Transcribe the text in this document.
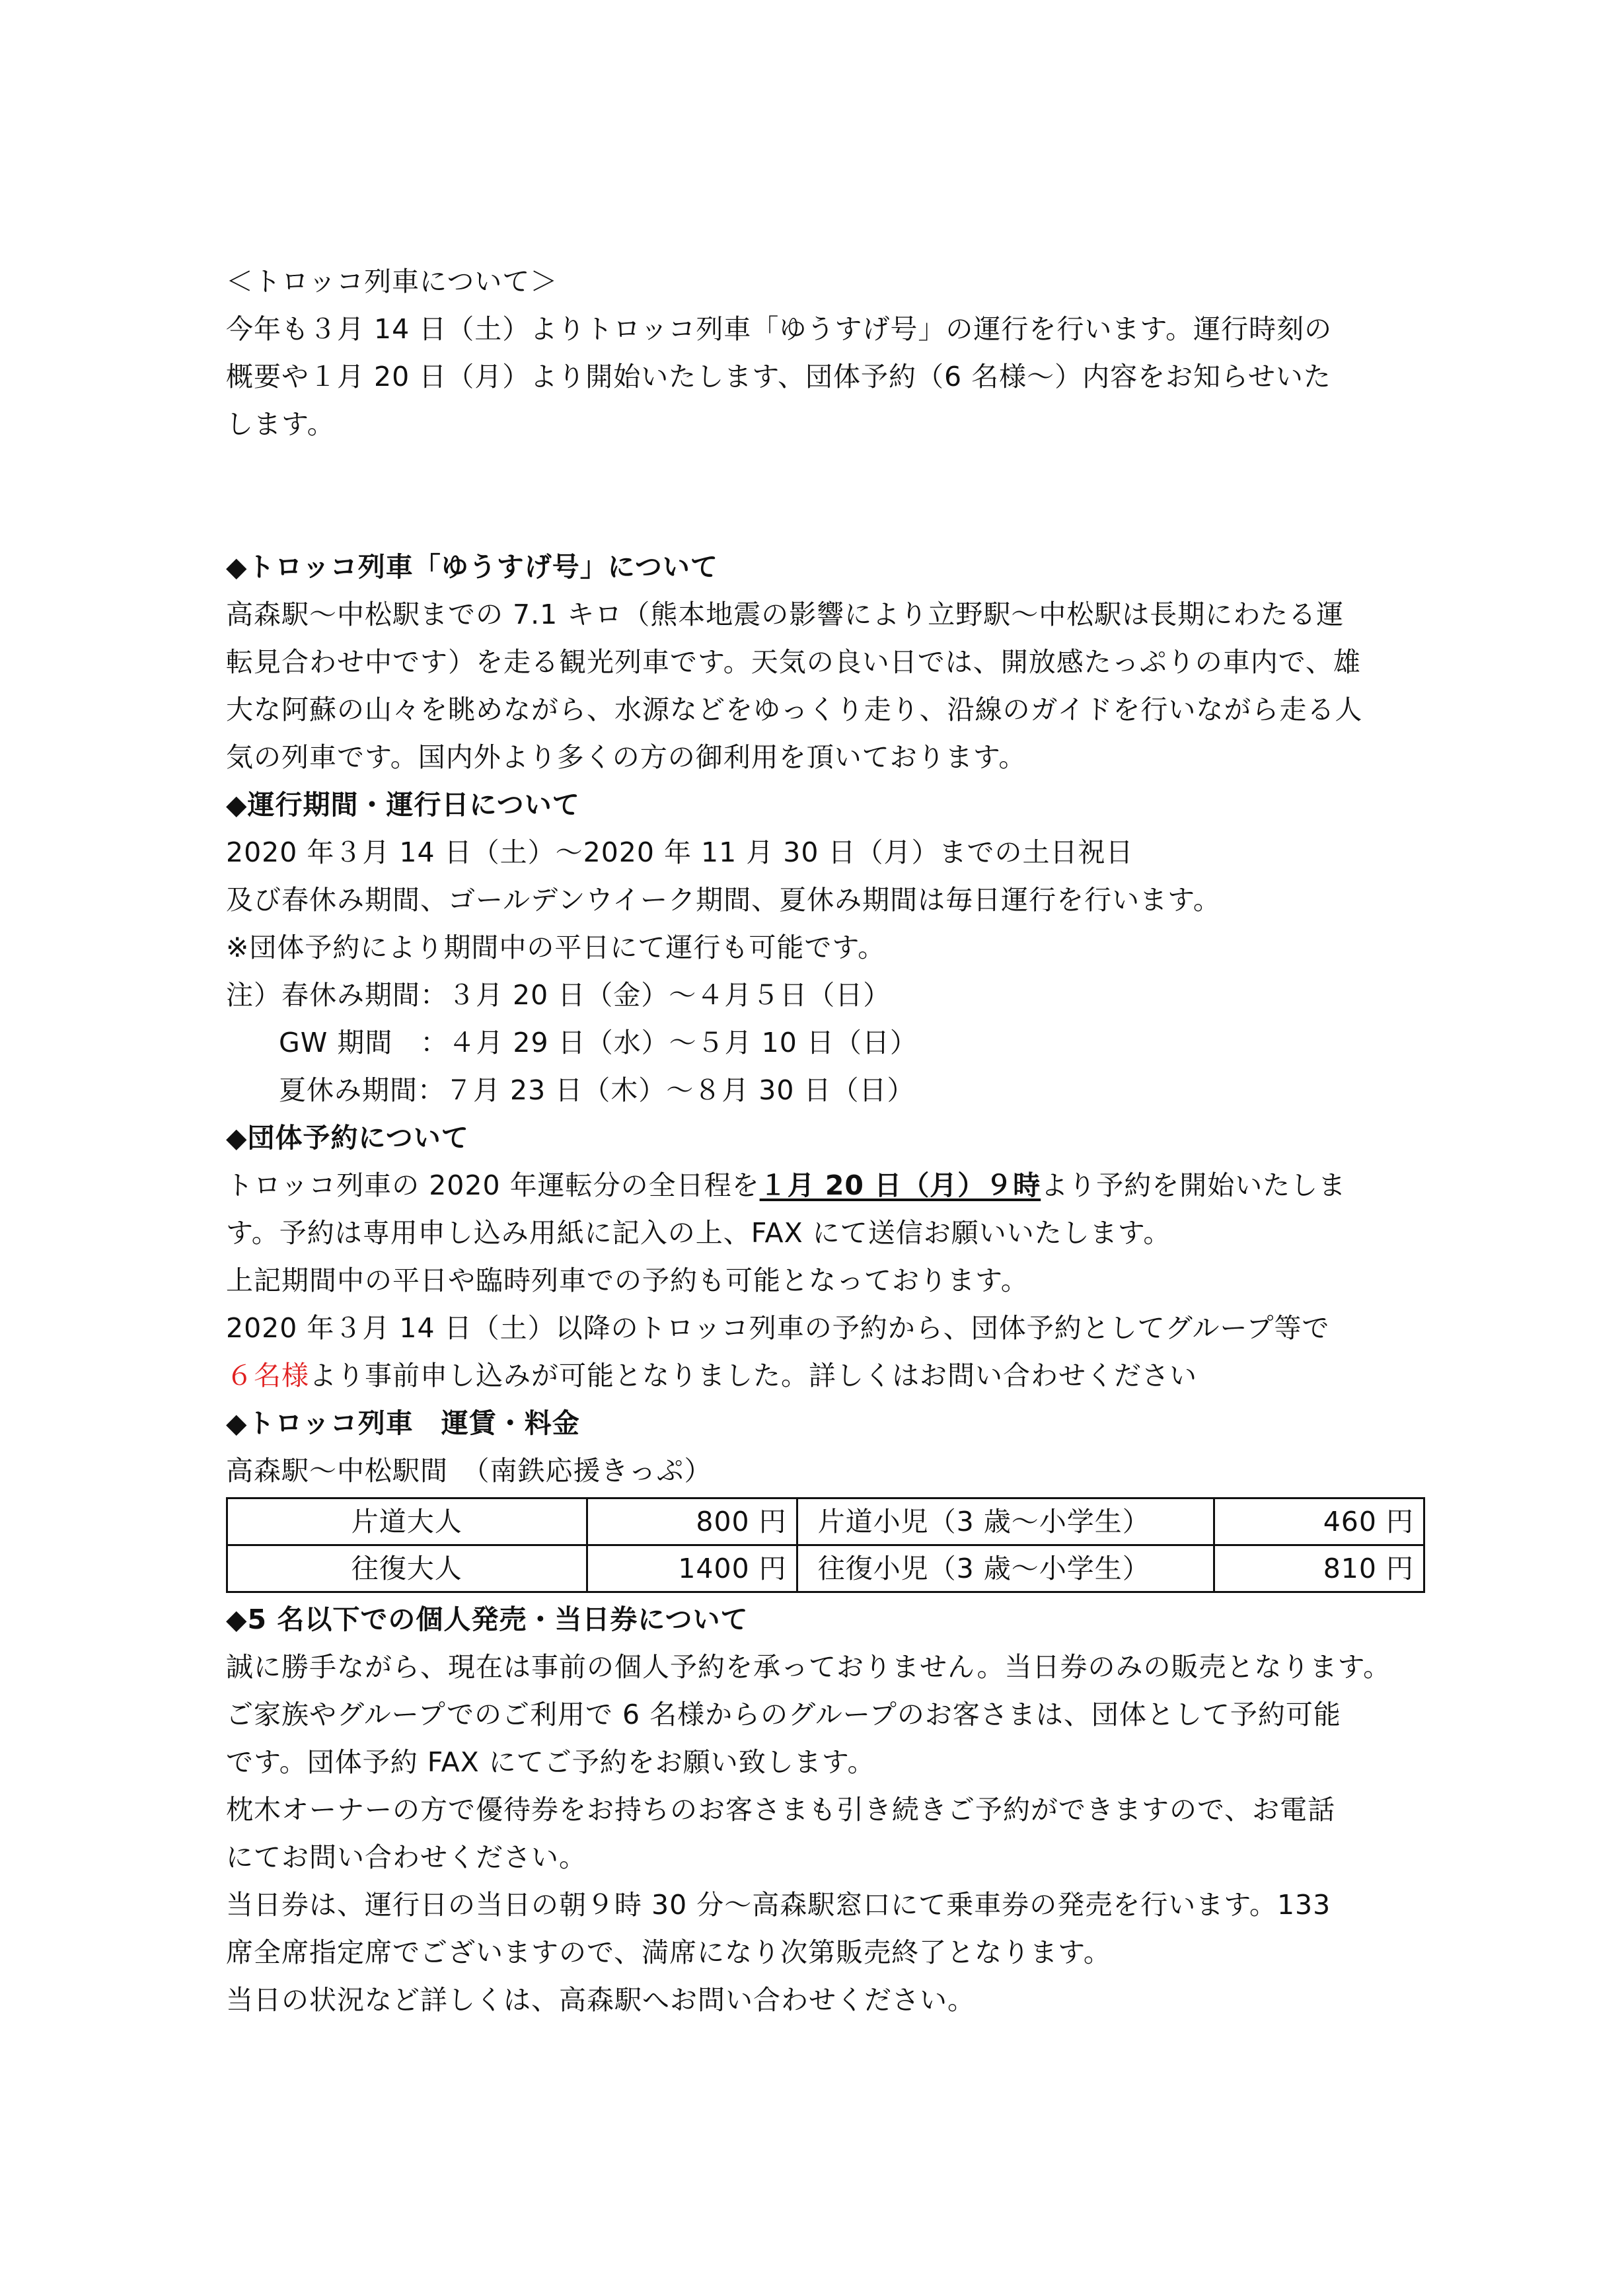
＜トロッコ列車について＞
今年も３月 14 日（土）よりトロッコ列車「ゆうすげ号」の運行を行います。運行時刻の
概要や１月 20 日（月）より開始いたします、団体予約（6 名様～）内容をお知らせいた
します。
◆トロッコ列車「ゆうすげ号」について
高森駅～中松駅までの 7.1 キロ（熊本地震の影響により立野駅～中松駅は長期にわたる運
転見合わせ中です）を走る観光列車です。天気の良い日では、開放感たっぷりの車内で、雄
大な阿蘇の山々を眺めながら、水源などをゆっくり走り、沿線のガイドを行いながら走る人
気の列車です。国内外より多くの方の御利用を頂いております。
◆運行期間・運行日について
2020 年３月 14 日（土）～2020 年 11 月 30 日（月）までの土日祝日
及び春休み期間、ゴールデンウイーク期間、夏休み期間は毎日運行を行います。
※団体予約により期間中の平日にて運行も可能です。
注）春休み期間：３月 20 日（金）～４月５日（日）
GW 期間　：４月 29 日（水）～５月 10 日（日）
夏休み期間：７月 23 日（木）～８月 30 日（日）
◆団体予約について
トロッコ列車の 2020 年運転分の全日程を１月 20 日（月）９時より予約を開始いたしま
す。予約は専用申し込み用紙に記入の上、FAX にて送信お願いいたします。
上記期間中の平日や臨時列車での予約も可能となっております。
2020 年３月 14 日（土）以降のトロッコ列車の予約から、団体予約としてグループ等で
６名様より事前申し込みが可能となりました。詳しくはお問い合わせください
◆トロッコ列車　運賃・料金
高森駅～中松駅間　（南鉄応援きっぷ）
片道大人	800 円	片道小児（3 歳～小学生）	460 円
往復大人	1400 円	往復小児（3 歳～小学生）	810 円
◆5 名以下での個人発売・当日券について
誠に勝手ながら、現在は事前の個人予約を承っておりません。当日券のみの販売となります。
ご家族やグループでのご利用で 6 名様からのグループのお客さまは、団体として予約可能
です。団体予約 FAX にてご予約をお願い致します。
枕木オーナーの方で優待券をお持ちのお客さまも引き続きご予約ができますので、お電話
にてお問い合わせください。
当日券は、運行日の当日の朝９時 30 分～高森駅窓口にて乗車券の発売を行います。133
席全席指定席でございますので、満席になり次第販売終了となります。
当日の状況など詳しくは、高森駅へお問い合わせください。
